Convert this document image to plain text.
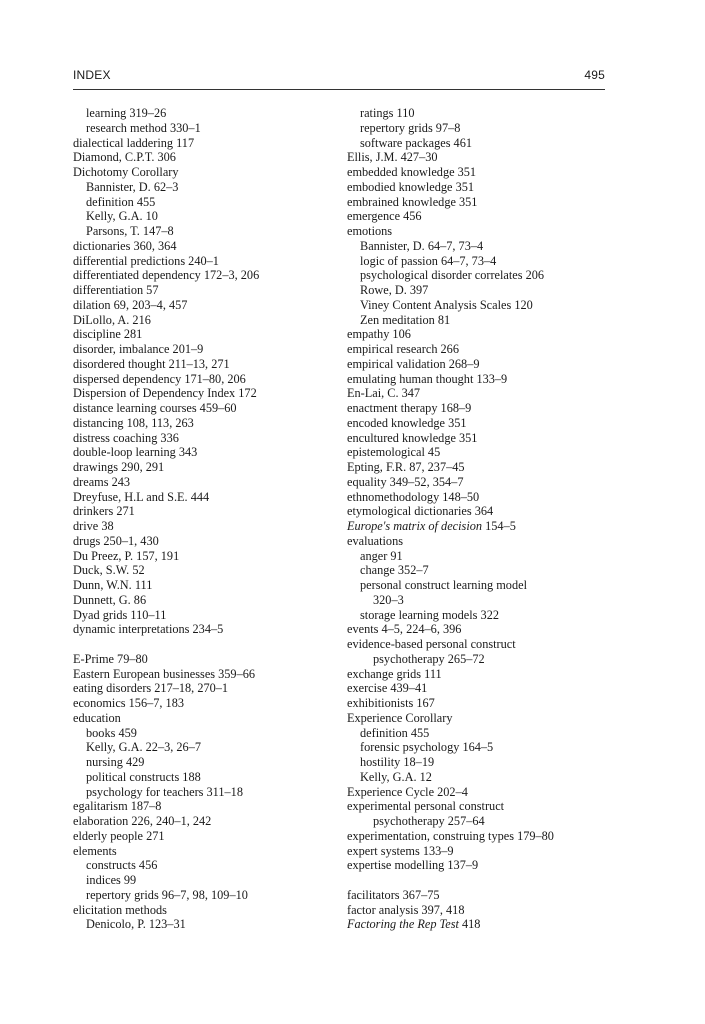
INDEX	495
learning 319–26
research method 330–1
dialectical laddering 117
Diamond, C.P.T. 306
Dichotomy Corollary
Bannister, D. 62–3
definition 455
Kelly, G.A. 10
Parsons, T. 147–8
dictionaries 360, 364
differential predictions 240–1
differentiated dependency 172–3, 206
differentiation 57
dilation 69, 203–4, 457
DiLollo, A. 216
discipline 281
disorder, imbalance 201–9
disordered thought 211–13, 271
dispersed dependency 171–80, 206
Dispersion of Dependency Index 172
distance learning courses 459–60
distancing 108, 113, 263
distress coaching 336
double-loop learning 343
drawings 290, 291
dreams 243
Dreyfuse, H.L and S.E. 444
drinkers 271
drive 38
drugs 250–1, 430
Du Preez, P. 157, 191
Duck, S.W. 52
Dunn, W.N. 111
Dunnett, G. 86
Dyad grids 110–11
dynamic interpretations 234–5
E-Prime 79–80
Eastern European businesses 359–66
eating disorders 217–18, 270–1
economics 156–7, 183
education
books 459
Kelly, G.A. 22–3, 26–7
nursing 429
political constructs 188
psychology for teachers 311–18
egalitarism 187–8
elaboration 226, 240–1, 242
elderly people 271
elements
constructs 456
indices 99
repertory grids 96–7, 98, 109–10
elicitation methods
Denicolo, P. 123–31
ratings 110
repertory grids 97–8
software packages 461
Ellis, J.M. 427–30
embedded knowledge 351
embodied knowledge 351
embrained knowledge 351
emergence 456
emotions
Bannister, D. 64–7, 73–4
logic of passion 64–7, 73–4
psychological disorder correlates 206
Rowe, D. 397
Viney Content Analysis Scales 120
Zen meditation 81
empathy 106
empirical research 266
empirical validation 268–9
emulating human thought 133–9
En-Lai, C. 347
enactment therapy 168–9
encoded knowledge 351
encultured knowledge 351
epistemological 45
Epting, F.R. 87, 237–45
equality 349–52, 354–7
ethnomethodology 148–50
etymological dictionaries 364
Europe's matrix of decision 154–5
evaluations
anger 91
change 352–7
personal construct learning model
320–3
storage learning models 322
events 4–5, 224–6, 396
evidence-based personal construct
psychotherapy 265–72
exchange grids 111
exercise 439–41
exhibitionists 167
Experience Corollary
definition 455
forensic psychology 164–5
hostility 18–19
Kelly, G.A. 12
Experience Cycle 202–4
experimental personal construct
psychotherapy 257–64
experimentation, construing types 179–80
expert systems 133–9
expertise modelling 137–9
facilitators 367–75
factor analysis 397, 418
Factoring the Rep Test 418
